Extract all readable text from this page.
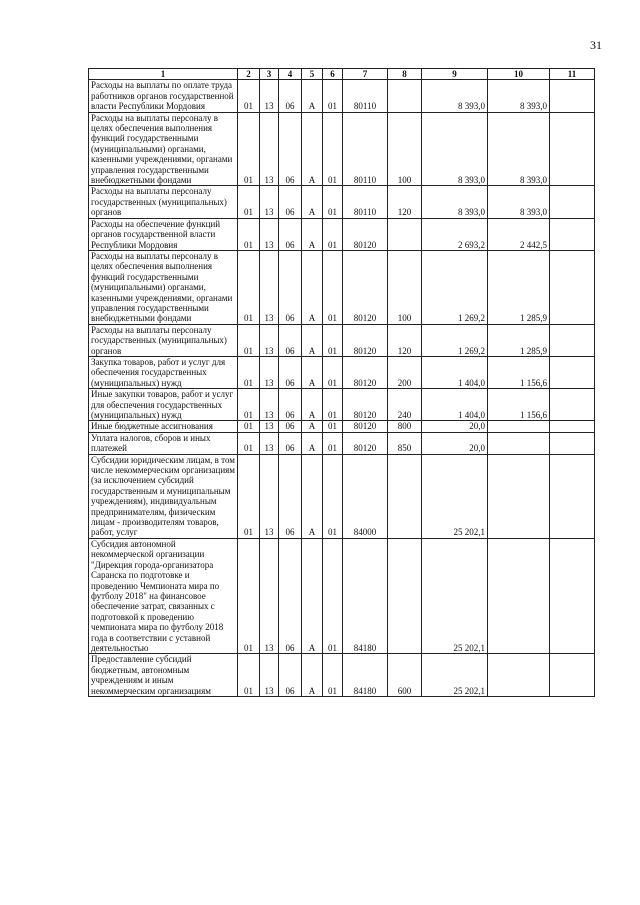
31
1	2	3	4	5	6	7	8	9	10	11
Расходы на выплаты по оплате труда работников органов государственной власти Республики Мордовия	01	13	06	А	01	80110		8 393,0	8 393,0	
Расходы на выплаты персоналу в целях обеспечения выполнения функций государственными (муниципальными) органами, казенными учреждениями, органами управления государственными внебюджетными фондами	01	13	06	А	01	80110	100	8 393,0	8 393,0	
Расходы на выплаты персоналу государственных (муниципальных) органов	01	13	06	А	01	80110	120	8 393,0	8 393,0	
Расходы на обеспечение функций органов государственной власти Республики Мордовия	01	13	06	А	01	80120		2 693,2	2 442,5	
Расходы на выплаты персоналу в целях обеспечения выполнения функций государственными (муниципальными) органами, казенными учреждениями, органами управления государственными внебюджетными фондами	01	13	06	А	01	80120	100	1 269,2	1 285,9	
Расходы на выплаты персоналу государственных (муниципальных) органов	01	13	06	А	01	80120	120	1 269,2	1 285,9	
Закупка товаров, работ и услуг для обеспечения государственных (муниципальных) нужд	01	13	06	А	01	80120	200	1 404,0	1 156,6	
Иные закупки товаров, работ и услуг для обеспечения государственных (муниципальных) нужд	01	13	06	А	01	80120	240	1 404,0	1 156,6	
Иные бюджетные ассигнования	01	13	06	А	01	80120	800	20,0		
Уплата налогов, сборов и иных платежей	01	13	06	А	01	80120	850	20,0		
Субсидии юридическим лицам, в том числе некоммерческим организациям (за исключением субсидий государственным и муниципальным учреждениям), индивидуальным предпринимателям, физическим лицам - производителям товаров, работ, услуг	01	13	06	А	01	84000		25 202,1		
Субсидия автономной некоммерческой организации "Дирекция города-организатора Саранска по подготовке и проведению Чемпионата мира по футболу 2018" на финансовое обеспечение затрат, связанных с подготовкой к проведению чемпионата мира по футболу 2018 года в соответствии с уставной деятельностью	01	13	06	А	01	84180		25 202,1		
Предоставление субсидий бюджетным, автономным учреждениям и иным некоммерческим организациям	01	13	06	А	01	84180	600	25 202,1		
